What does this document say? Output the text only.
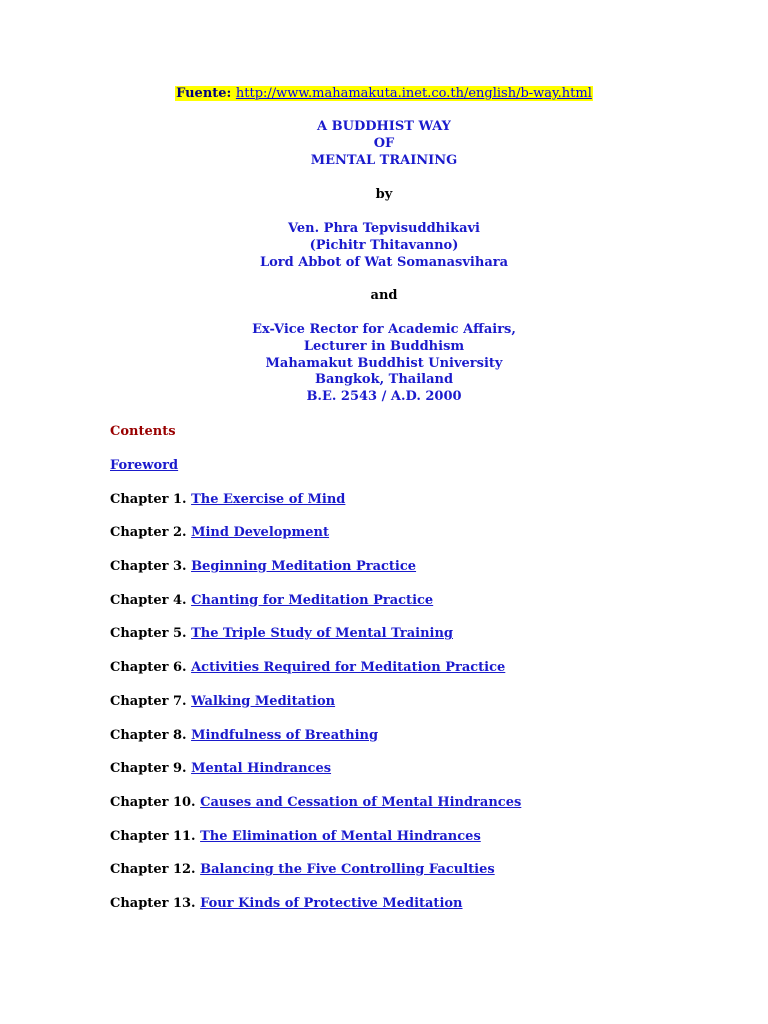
Fuente: http://www.mahamakuta.inet.co.th/english/b-way.html
A BUDDHIST WAY
OF
MENTAL TRAINING
by
Ven. Phra Tepvisuddhikavi
(Pichitr Thitavanno)
Lord Abbot of Wat Somanasvihara
and
Ex-Vice Rector for Academic Affairs,
Lecturer in Buddhism
Mahamakut Buddhist University
Bangkok, Thailand
B.E. 2543 / A.D. 2000
Contents
Foreword
Chapter 1. The Exercise of Mind
Chapter 2. Mind Development
Chapter 3. Beginning Meditation Practice
Chapter 4. Chanting for Meditation Practice
Chapter 5. The Triple Study of Mental Training
Chapter 6. Activities Required for Meditation Practice
Chapter 7. Walking Meditation
Chapter 8. Mindfulness of Breathing
Chapter 9. Mental Hindrances
Chapter 10. Causes and Cessation of Mental Hindrances
Chapter 11. The Elimination of Mental Hindrances
Chapter 12. Balancing the Five Controlling Faculties
Chapter 13. Four Kinds of Protective Meditation
